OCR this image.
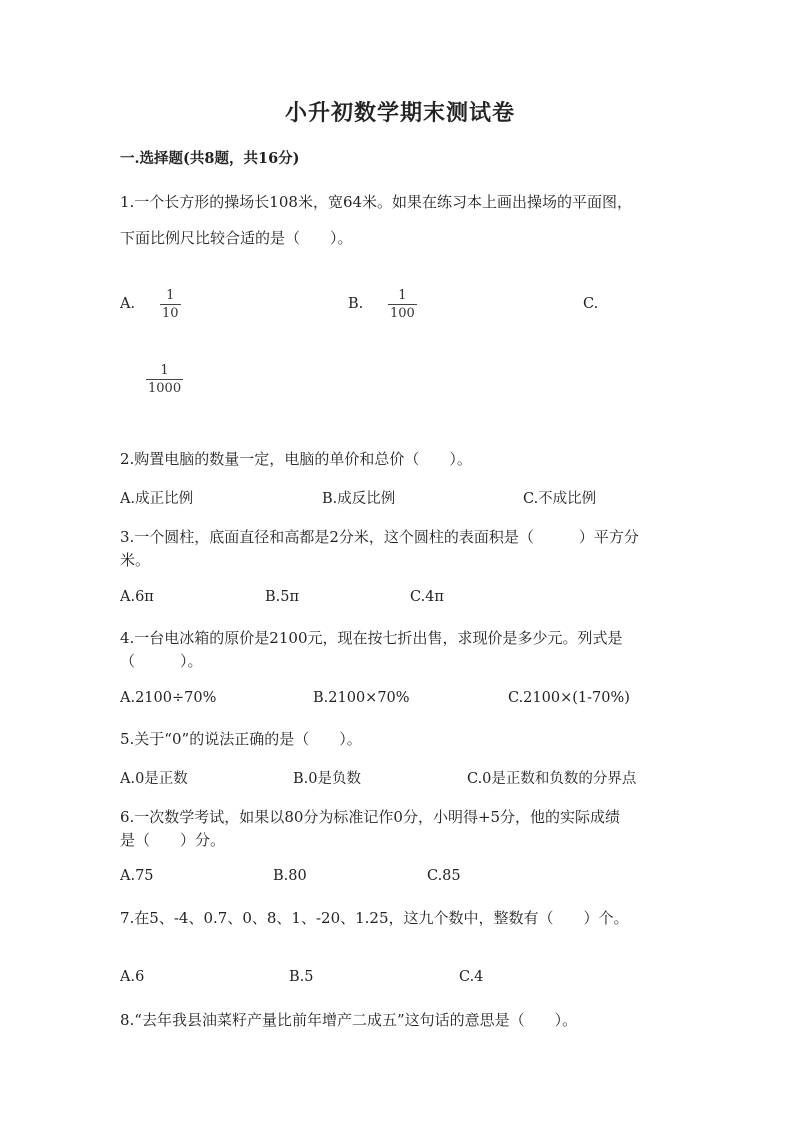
小升初数学期末测试卷
一.选择题(共8题，共16分)
1.一个长方形的操场长108米，宽64米。如果在练习本上画出操场的平面图，
下面比例尺比较合适的是（　　）。
A.
1
10
B.
1
100
C.
1
1000
2.购置电脑的数量一定，电脑的单价和总价（　　）。
A.成正比例	B.成反比例	C.不成比例
3.一个圆柱，底面直径和高都是2分米，这个圆柱的表面积是（　　　）平方分
米。
A.6π	B.5π	C.4π
4.一台电冰箱的原价是2100元，现在按七折出售，求现价是多少元。列式是
（　　　）。
A.2100÷70%	B.2100×70%	C.2100×(1-70%)
5.关于“0”的说法正确的是（　　）。
A.0是正数	B.0是负数	C.0是正数和负数的分界点
6.一次数学考试，如果以80分为标准记作0分，小明得+5分，他的实际成绩
是（　　）分。
A.75	B.80	C.85
7.在5、-4、0.7、0、8、1、-20、1.25，这九个数中，整数有（　　）个。
A.6	B.5	C.4
8.“去年我县油菜籽产量比前年增产二成五”这句话的意思是（　　）。
